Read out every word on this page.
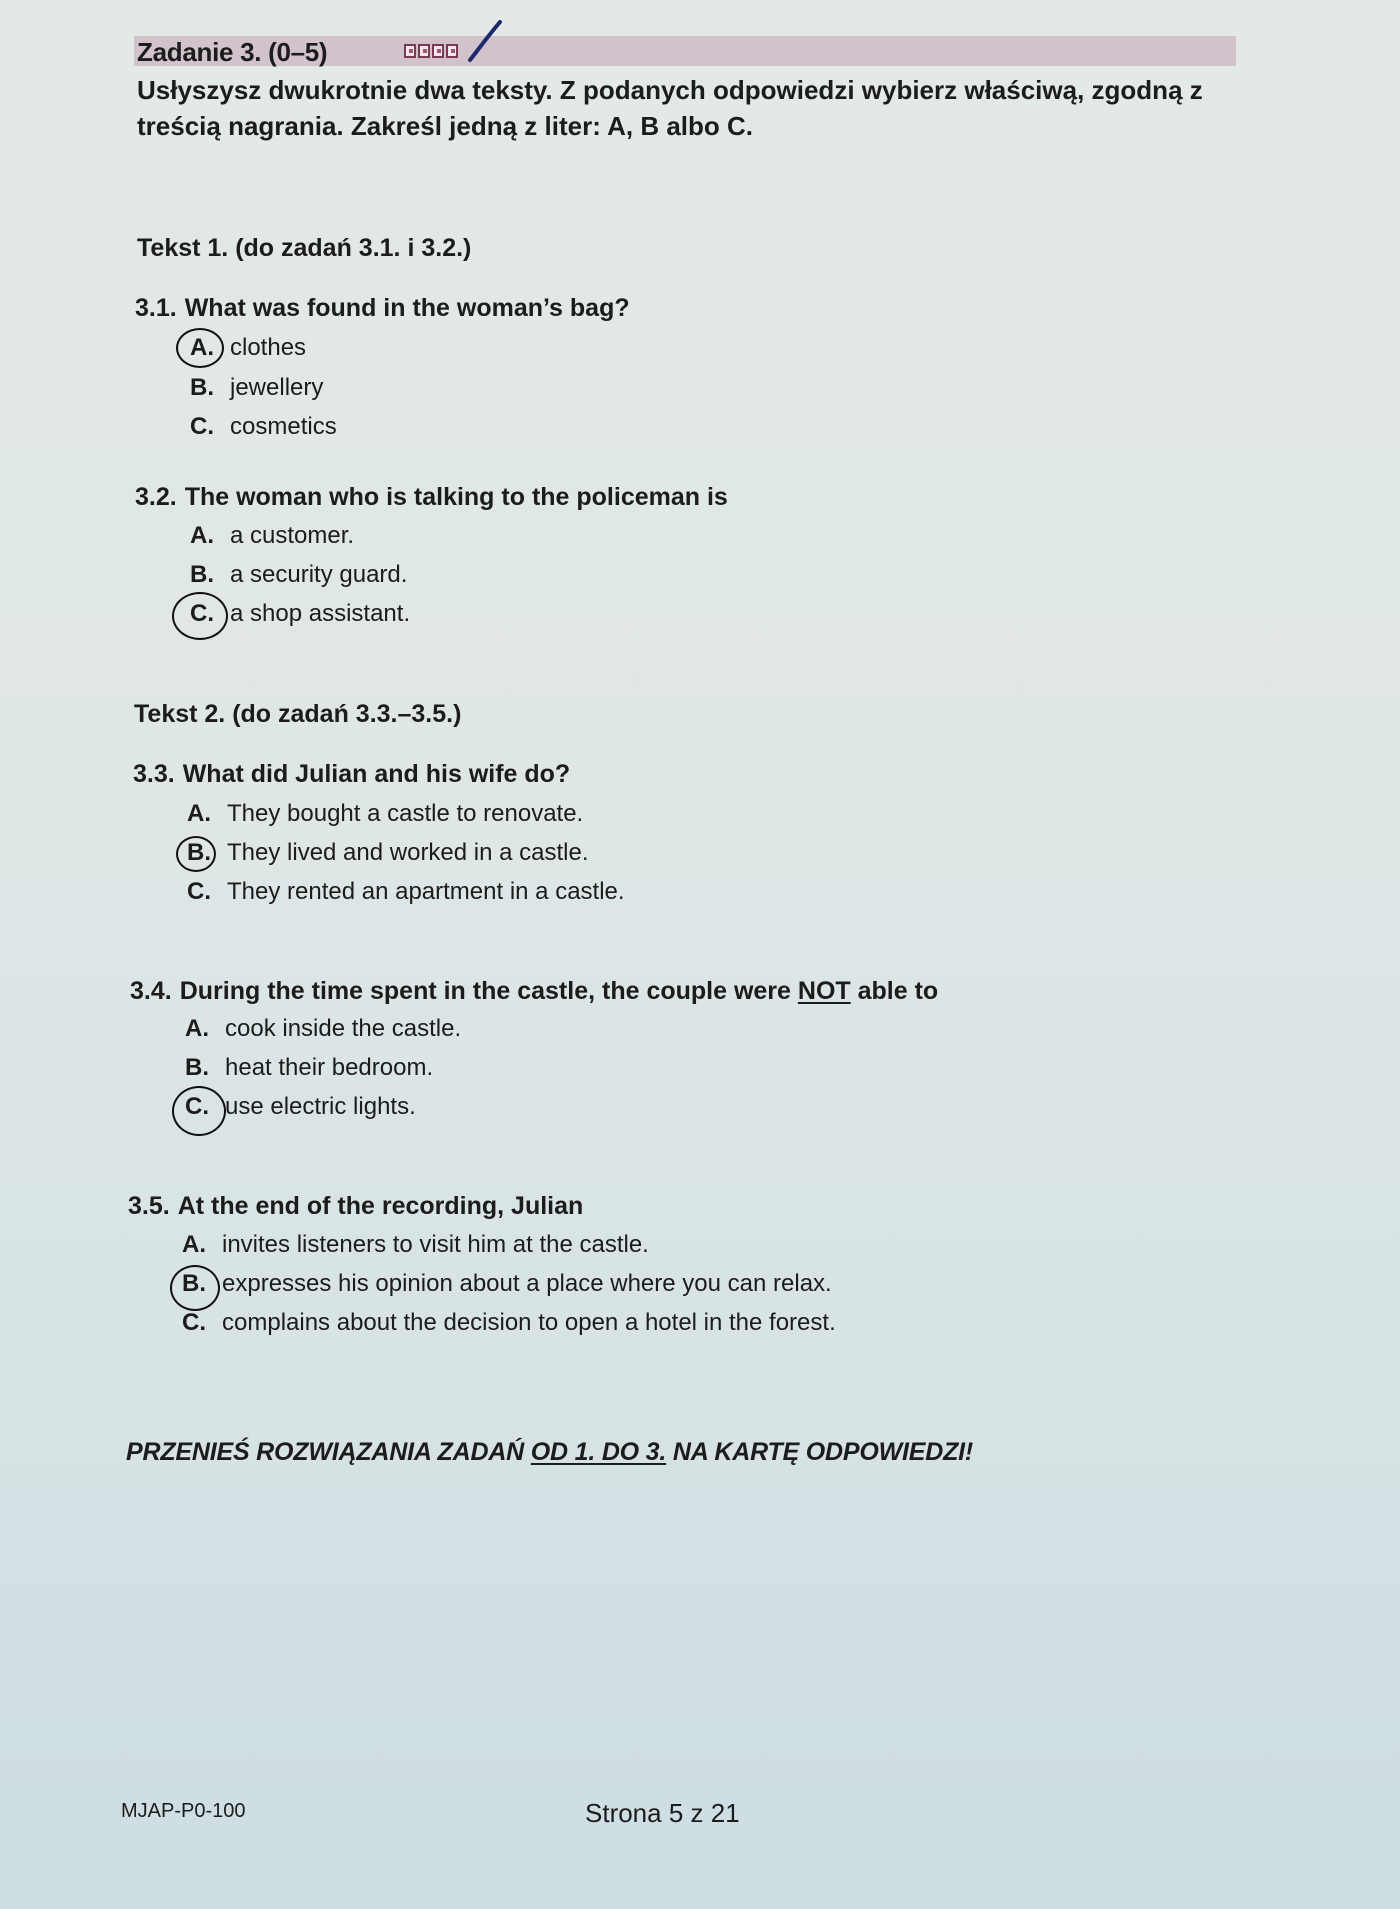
Zadanie 3. (0–5)
Usłyszysz dwukrotnie dwa teksty. Z podanych odpowiedzi wybierz właściwą, zgodną z treścią nagrania. Zakreśl jedną z liter: A, B albo C.
Tekst 1. (do zadań 3.1. i 3.2.)
3.1. What was found in the woman’s bag?
A. clothes
B. jewellery
C. cosmetics
3.2. The woman who is talking to the policeman is
A. a customer.
B. a security guard.
C. a shop assistant.
Tekst 2. (do zadań 3.3.–3.5.)
3.3. What did Julian and his wife do?
A. They bought a castle to renovate.
B. They lived and worked in a castle.
C. They rented an apartment in a castle.
3.4. During the time spent in the castle, the couple were NOT able to
A. cook inside the castle.
B. heat their bedroom.
C. use electric lights.
3.5. At the end of the recording, Julian
A. invites listeners to visit him at the castle.
B. expresses his opinion about a place where you can relax.
C. complains about the decision to open a hotel in the forest.
PRZENIEŚ ROZWIĄZANIA ZADAŃ OD 1. DO 3. NA KARTĘ ODPOWIEDZI!
MJAP-P0-100	Strona 5 z 21
